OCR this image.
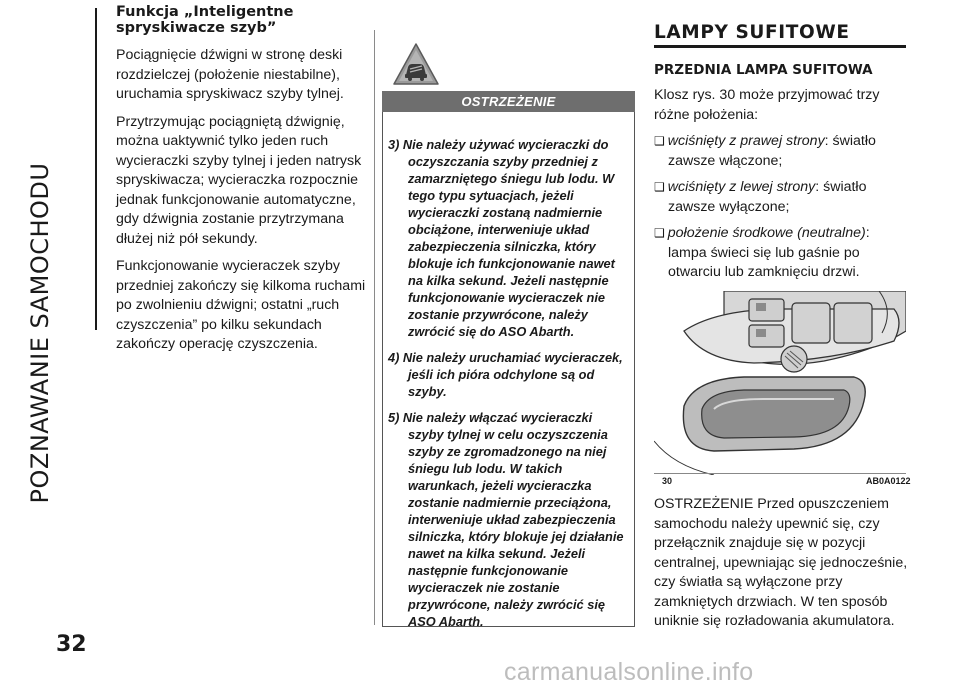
POZNAWANIE SAMOCHODU
32
Funkcja „Inteligentne spryskiwacze szyb”

Pociągnięcie dźwigni w stronę deski rozdzielczej (położenie niestabilne), uruchamia spryskiwacz szyby tylnej.

Przytrzymując pociągniętą dźwignię, można uaktywnić tylko jeden ruch wycieraczki szyby tylnej i jeden natrysk spryskiwacza; wycieraczka rozpocznie jednak funkcjonowanie automatyczne, gdy dźwignia zostanie przytrzymana dłużej niż pół sekundy.

Funkcjonowanie wycieraczek szyby przedniej zakończy się kilkoma ruchami po zwolnieniu dźwigni; ostatni „ruch czyszczenia” po kilku sekundach zakończy operację czyszczenia.

OSTRZEŻENIE

3) Nie należy używać wycieraczki do oczyszczania szyby przedniej z zamarzniętego śniegu lub lodu. W tego typu sytuacjach, jeżeli wycieraczki zostaną nadmiernie obciążone, interweniuje układ zabezpieczenia silniczka, który blokuje ich funkcjonowanie nawet na kilka sekund. Jeżeli następnie funkcjonowanie wycieraczek nie zostanie przywrócone, należy zwrócić się do ASO Abarth.

4) Nie należy uruchamiać wycieraczek, jeśli ich pióra odchylone są od szyby.

5) Nie należy włączać wycieraczki szyby tylnej w celu oczyszczenia szyby ze zgromadzonego na niej śniegu lub lodu. W takich warunkach, jeżeli wycieraczka zostanie nadmiernie przeciążona, interweniuje układ zabezpieczenia silniczka, który blokuje jej działanie nawet na kilka sekund. Jeżeli następnie funkcjonowanie wycieraczek nie zostanie przywrócone, należy zwrócić się ASO Abarth.

LAMPY SUFITOWE
PRZEDNIA LAMPA SUFITOWA

Klosz rys. 30 może przyjmować trzy różne położenia:

❑ wciśnięty z prawej strony: światło zawsze włączone;

❑ wciśnięty z lewej strony: światło zawsze wyłączone;

❑ położenie środkowe (neutralne): lampa świeci się lub gaśnie po otwarciu lub zamknięciu drzwi.

30	AB0A0122

OSTRZEŻENIE Przed opuszczeniem samochodu należy upewnić się, czy przełącznik znajduje się w pozycji centralnej, upewniając się jednocześnie, czy światła są wyłączone przy zamkniętych drzwiach. W ten sposób uniknie się rozładowania akumulatora.

carmanualsonline.info
